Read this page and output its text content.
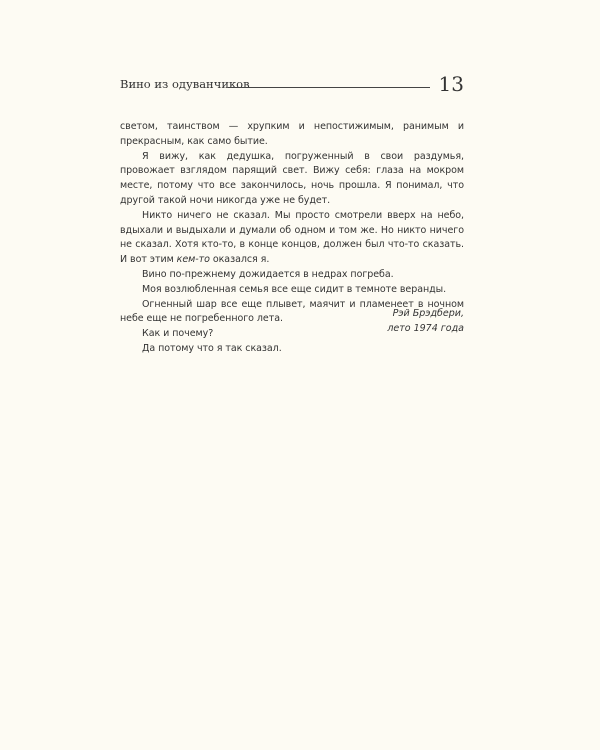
Вино из одуванчиков	13

светом, таинством — хрупким и непостижимым, ранимым и прекрасным, как само бытие.

Я вижу, как дедушка, погруженный в свои раздумья, провожает взглядом парящий свет. Вижу себя: глаза на мокром месте, потому что все закончилось, ночь прошла. Я понимал, что другой такой ночи никогда уже не будет.

Никто ничего не сказал. Мы просто смотрели вверх на небо, вдыхали и выдыхали и думали об одном и том же. Но никто ничего не сказал. Хотя кто-то, в конце концов, должен был что-то сказать. И вот этим кем-то оказался я.

Вино по-прежнему дожидается в недрах погреба.

Моя возлюбленная семья все еще сидит в темноте веранды.

Огненный шар все еще плывет, маячит и пламенеет в ночном небе еще не погребенного лета.

Как и почему?

Да потому что я так сказал.

Рэй Брэдбери,
лето 1974 года
